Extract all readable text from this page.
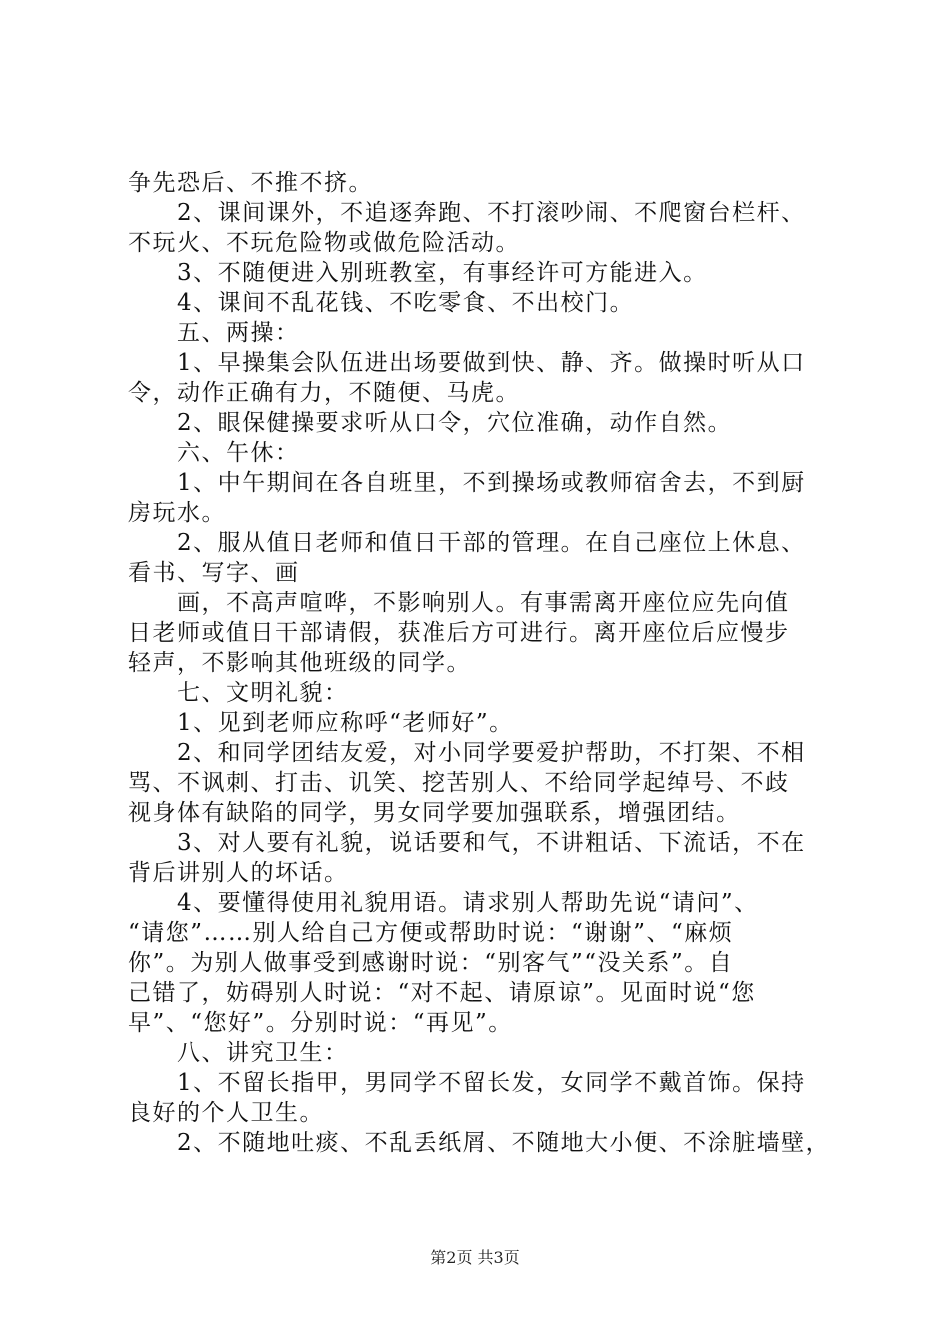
争先恐后、不推不挤。
　　2、课间课外，不追逐奔跑、不打滚吵闹、不爬窗台栏杆、
不玩火、不玩危险物或做危险活动。
　　3、不随便进入别班教室，有事经许可方能进入。
　　4、课间不乱花钱、不吃零食、不出校门。
　　五、两操：
　　1、早操集会队伍进出场要做到快、静、齐。做操时听从口
令，动作正确有力，不随便、马虎。
　　2、眼保健操要求听从口令，穴位准确，动作自然。
　　六、午休：
　　1、中午期间在各自班里，不到操场或教师宿舍去，不到厨
房玩水。
　　2、服从值日老师和值日干部的管理。在自己座位上休息、
看书、写字、画
　　画，不高声喧哗，不影响别人。有事需离开座位应先向值
日老师或值日干部请假，获准后方可进行。离开座位后应慢步
轻声，不影响其他班级的同学。
　　七、文明礼貌：
　　1、见到老师应称呼“老师好”。
　　2、和同学团结友爱，对小同学要爱护帮助，不打架、不相
骂、不讽刺、打击、讥笑、挖苦别人、不给同学起绰号、不歧
视身体有缺陷的同学，男女同学要加强联系，增强团结。
　　3、对人要有礼貌，说话要和气，不讲粗话、下流话，不在
背后讲别人的坏话。
　　4、要懂得使用礼貌用语。请求别人帮助先说“请问”、
“请您”……别人给自己方便或帮助时说：“谢谢”、“麻烦
你”。为别人做事受到感谢时说：“别客气”“没关系”。自
己错了，妨碍别人时说：“对不起、请原谅”。见面时说“您
早”、“您好”。分别时说：“再见”。
　　八、讲究卫生：
　　1、不留长指甲，男同学不留长发，女同学不戴首饰。保持
良好的个人卫生。
　　2、不随地吐痰、不乱丢纸屑、不随地大小便、不涂脏墙壁，
第2页 共3页
